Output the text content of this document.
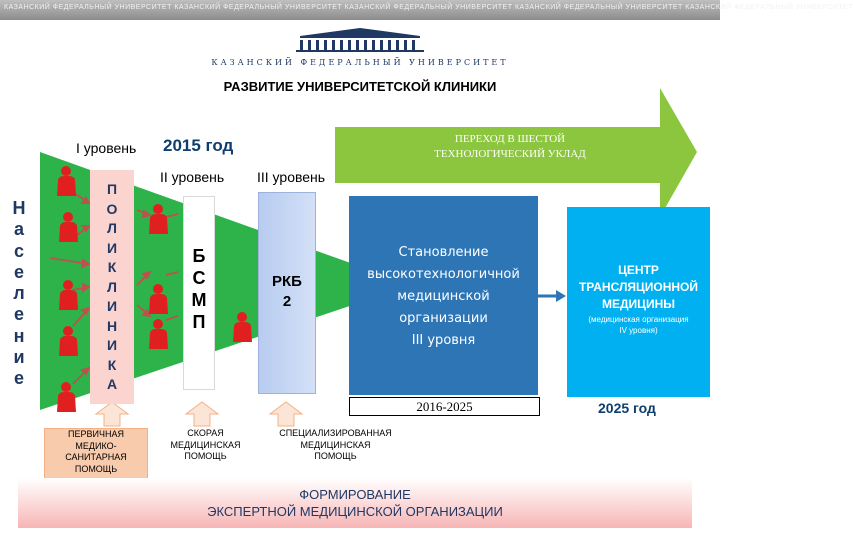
КАЗАНСКИЙ ФЕДЕРАЛЬНЫЙ УНИВЕРСИТЕТ КАЗАНСКИЙ ФЕДЕРАЛЬНЫЙ УНИВЕРСИТЕТ КАЗАНСКИЙ ФЕДЕРАЛЬНЫЙ УНИВЕРСИТЕТ КАЗАНСКИЙ ФЕДЕРАЛЬНЫЙ УНИВЕРСИТЕТ КАЗАНСКИЙ ФЕДЕРАЛЬНЫЙ УНИВЕРСИТЕТ
КАЗАНСКИЙ ФЕДЕРАЛЬНЫЙ УНИВЕРСИТЕТ
РАЗВИТИЕ УНИВЕРСИТЕТСКОЙ КЛИНИКИ
ПЕРЕХОД В ШЕСТОЙ
ТЕХНОЛОГИЧЕСКИЙ УКЛАД
I уровень 2015 год
II уровень III уровень
Н
а
с
е
л
е
н
и
е
П
О
Л
И
К
Л
И
Н
И
К
А
Б
С
М
П
РКБ
2
Становление
высокотехнологичной
медицинской
организации
III уровня
2016-2025
ЦЕНТР
ТРАНСЛЯЦИОННОЙ
МЕДИЦИНЫ
(медицинская организация
IV уровня)
2025 год
ПЕРВИЧНАЯ
МЕДИКО-
САНИТАРНАЯ
ПОМОЩЬ
СКОРАЯ
МЕДИЦИНСКАЯ
ПОМОЩЬ
СПЕЦИАЛИЗИРОВАННАЯ
МЕДИЦИНСКАЯ
ПОМОЩЬ
ФОРМИРОВАНИЕ
ЭКСПЕРТНОЙ МЕДИЦИНСКОЙ ОРГАНИЗАЦИИ
